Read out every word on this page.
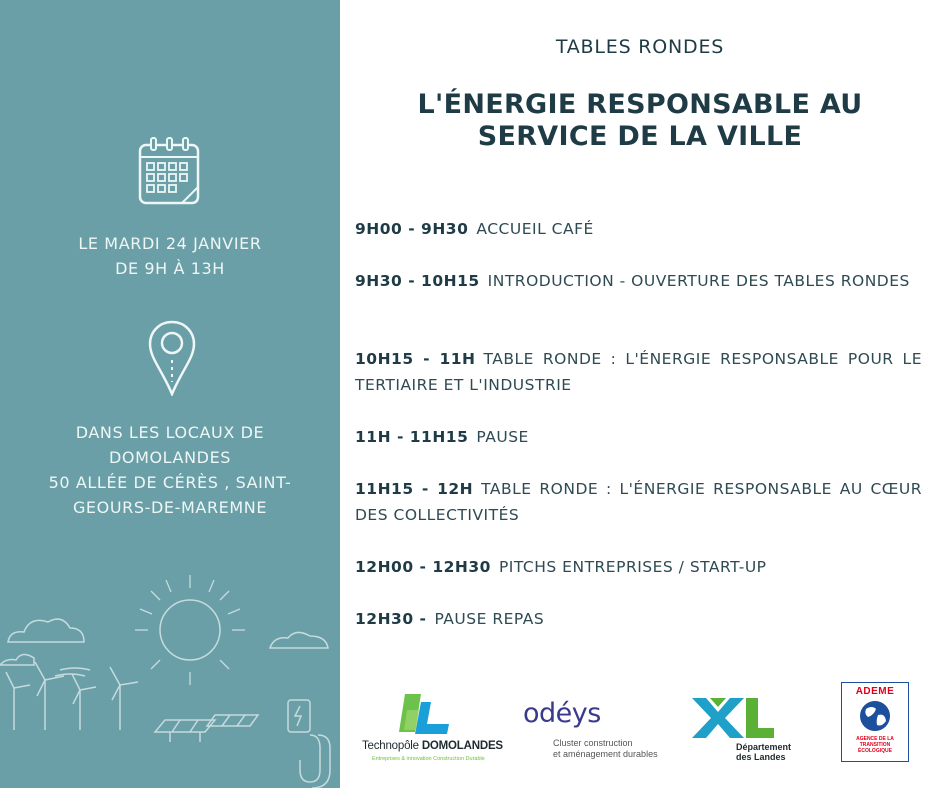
LE MARDI 24 JANVIER
DE 9H À 13H
DANS LES LOCAUX DE
DOMOLANDES
50 ALLÉE DE CÉRÈS , SAINT-
GEOURS-DE-MAREMNE
TABLES RONDES
L'ÉNERGIE RESPONSABLE AU
SERVICE DE LA VILLE
9H00 - 9H30 ACCUEIL CAFÉ
9H30 - 10H15 INTRODUCTION - OUVERTURE DES TABLES RONDES
10H15 - 11H TABLE RONDE : L'ÉNERGIE RESPONSABLE POUR LE TERTIAIRE ET L'INDUSTRIE
11H - 11H15 PAUSE
11H15 - 12H TABLE RONDE : L'ÉNERGIE RESPONSABLE AU CŒUR DES COLLECTIVITÉS
12H00 - 12H30 PITCHS ENTREPRISES / START-UP
12H30 - PAUSE REPAS
Technopôle DOMOLANDES
Entreprises & innovation Construction Durable
odéys
Cluster construction
et aménagement durables
Département
des Landes
ADEME
AGENCE DE LA
TRANSITION
ÉCOLOGIQUE
